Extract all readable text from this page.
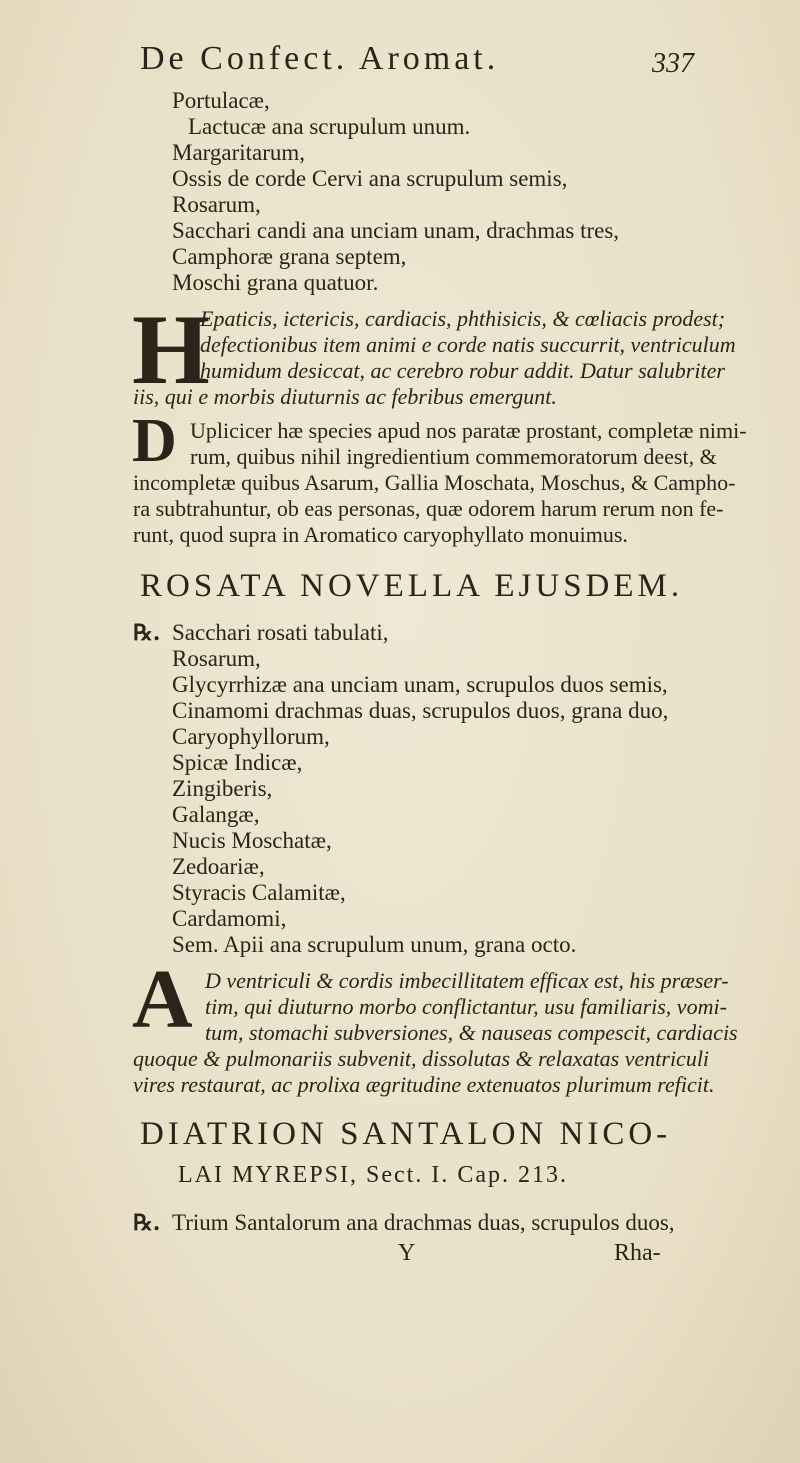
De Confect. Aromat.	337
Portulacæ,
Lactucæ ana scrupulum unum.
Margaritarum,
Ossis de corde Cervi ana scrupulum semis,
Rosarum,
Sacchari candi ana unciam unam, drachmas tres,
Camphoræ grana septem,
Moschi grana quatuor.
H
Epaticis, ictericis, cardiacis, phthisicis, & cœliacis prodest;
defectionibus item animi e corde natis succurrit, ventriculum
humidum desiccat, ac cerebro robur addit. Datur salubriter
iis, qui e morbis diuturnis ac febribus emergunt.
D Uplicicer hæ species apud nos paratæ prostant, completæ nimi-
rum, quibus nihil ingredientium commemoratorum deest, &
incompletæ quibus Asarum, Gallia Moschata, Moschus, & Campho-
ra subtrahuntur, ob eas personas, quæ odorem harum rerum non fe-
runt, quod supra in Aromatico caryophyllato monuimus.
ROSATA NOVELLA EJUSDEM.
℞. Sacchari rosati tabulati,
Rosarum,
Glycyrrhizæ ana unciam unam, scrupulos duos semis,
Cinamomi drachmas duas, scrupulos duos, grana duo,
Caryophyllorum,
Spicæ Indicæ,
Zingiberis,
Galangæ,
Nucis Moschatæ,
Zedoariæ,
Styracis Calamitæ,
Cardamomi,
Sem. Apii ana scrupulum unum, grana octo.
A D ventriculi & cordis imbecillitatem efficax est, his præser-
tim, qui diuturno morbo conflictantur, usu familiaris, vomi-
tum, stomachi subversiones, & nauseas compescit, cardiacis
quoque & pulmonariis subvenit, dissolutas & relaxatas ventriculi
vires restaurat, ac prolixa ægritudine extenuatos plurimum reficit.
DIATRION SANTALON NICO-
LAI MYREPSI, Sect. I. Cap. 213.
℞. Trium Santalorum ana drachmas duas, scrupulos duos,
Y	Rha-
